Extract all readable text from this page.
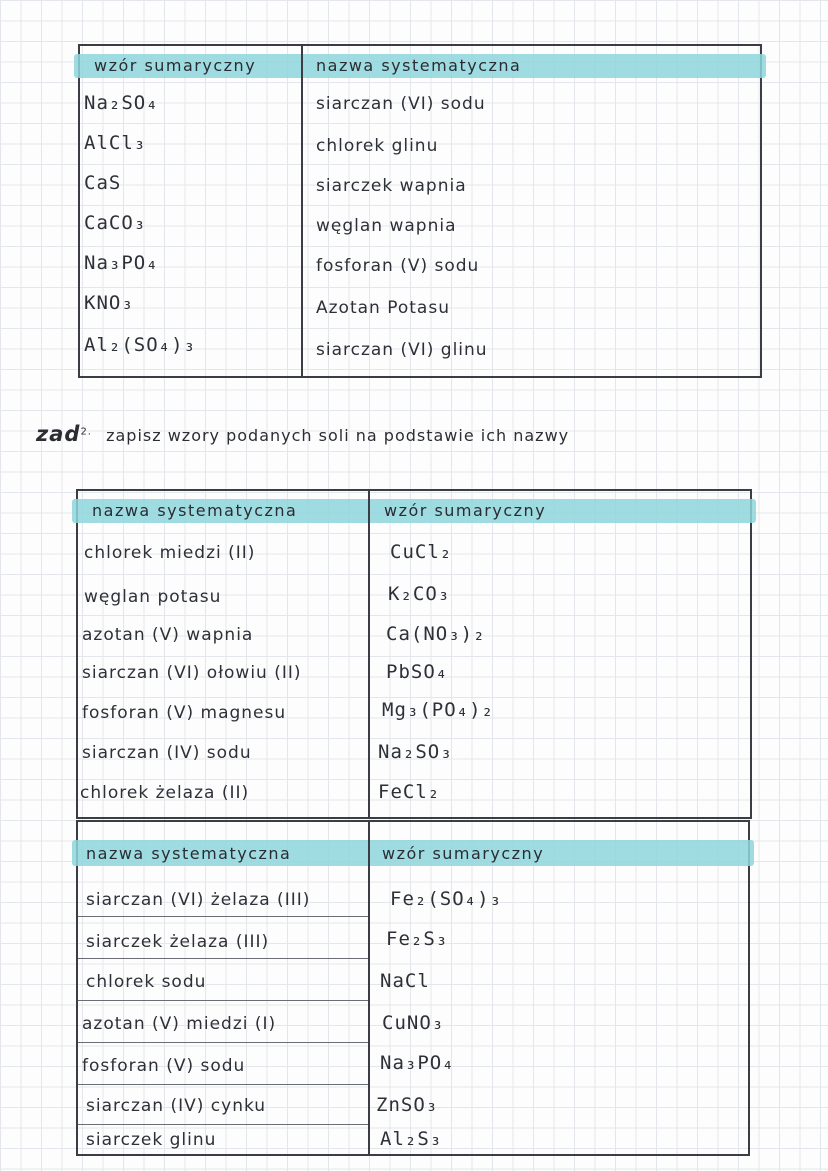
wzór sumaryczny	nazwa systematyczna
Na₂SO₄	siarczan (VI) sodu
AlCl₃	chlorek glinu
CaS	siarczek wapnia
CaCO₃	węglan wapnia
Na₃PO₄	fosforan (V) sodu
KNO₃	Azotan Potasu
Al₂(SO₄)₃	siarczan (VI) glinu
zad$^{2.}$ zapisz wzory podanych soli na podstawie ich nazwy
nazwa systematyczna	wzór sumaryczny
chlorek miedzi (II)	CuCl₂
węglan potasu	K₂CO₃
azotan (V) wapnia	Ca(NO₃)₂
siarczan (VI) ołowiu (II)	PbSO₄
fosforan (V) magnesu	Mg₃(PO₄)₂
siarczan (IV) sodu	Na₂SO₃
chlorek żelaza (II)	FeCl₂
nazwa systematyczna	wzór sumaryczny
siarczan (VI) żelaza (III)	Fe₂(SO₄)₃
siarczek żelaza (III)	Fe₂S₃
chlorek sodu	NaCl
azotan (V) miedzi (I)	CuNO₃
fosforan (V) sodu	Na₃PO₄
siarczan (IV) cynku	ZnSO₃
siarczek glinu	Al₂S₃
